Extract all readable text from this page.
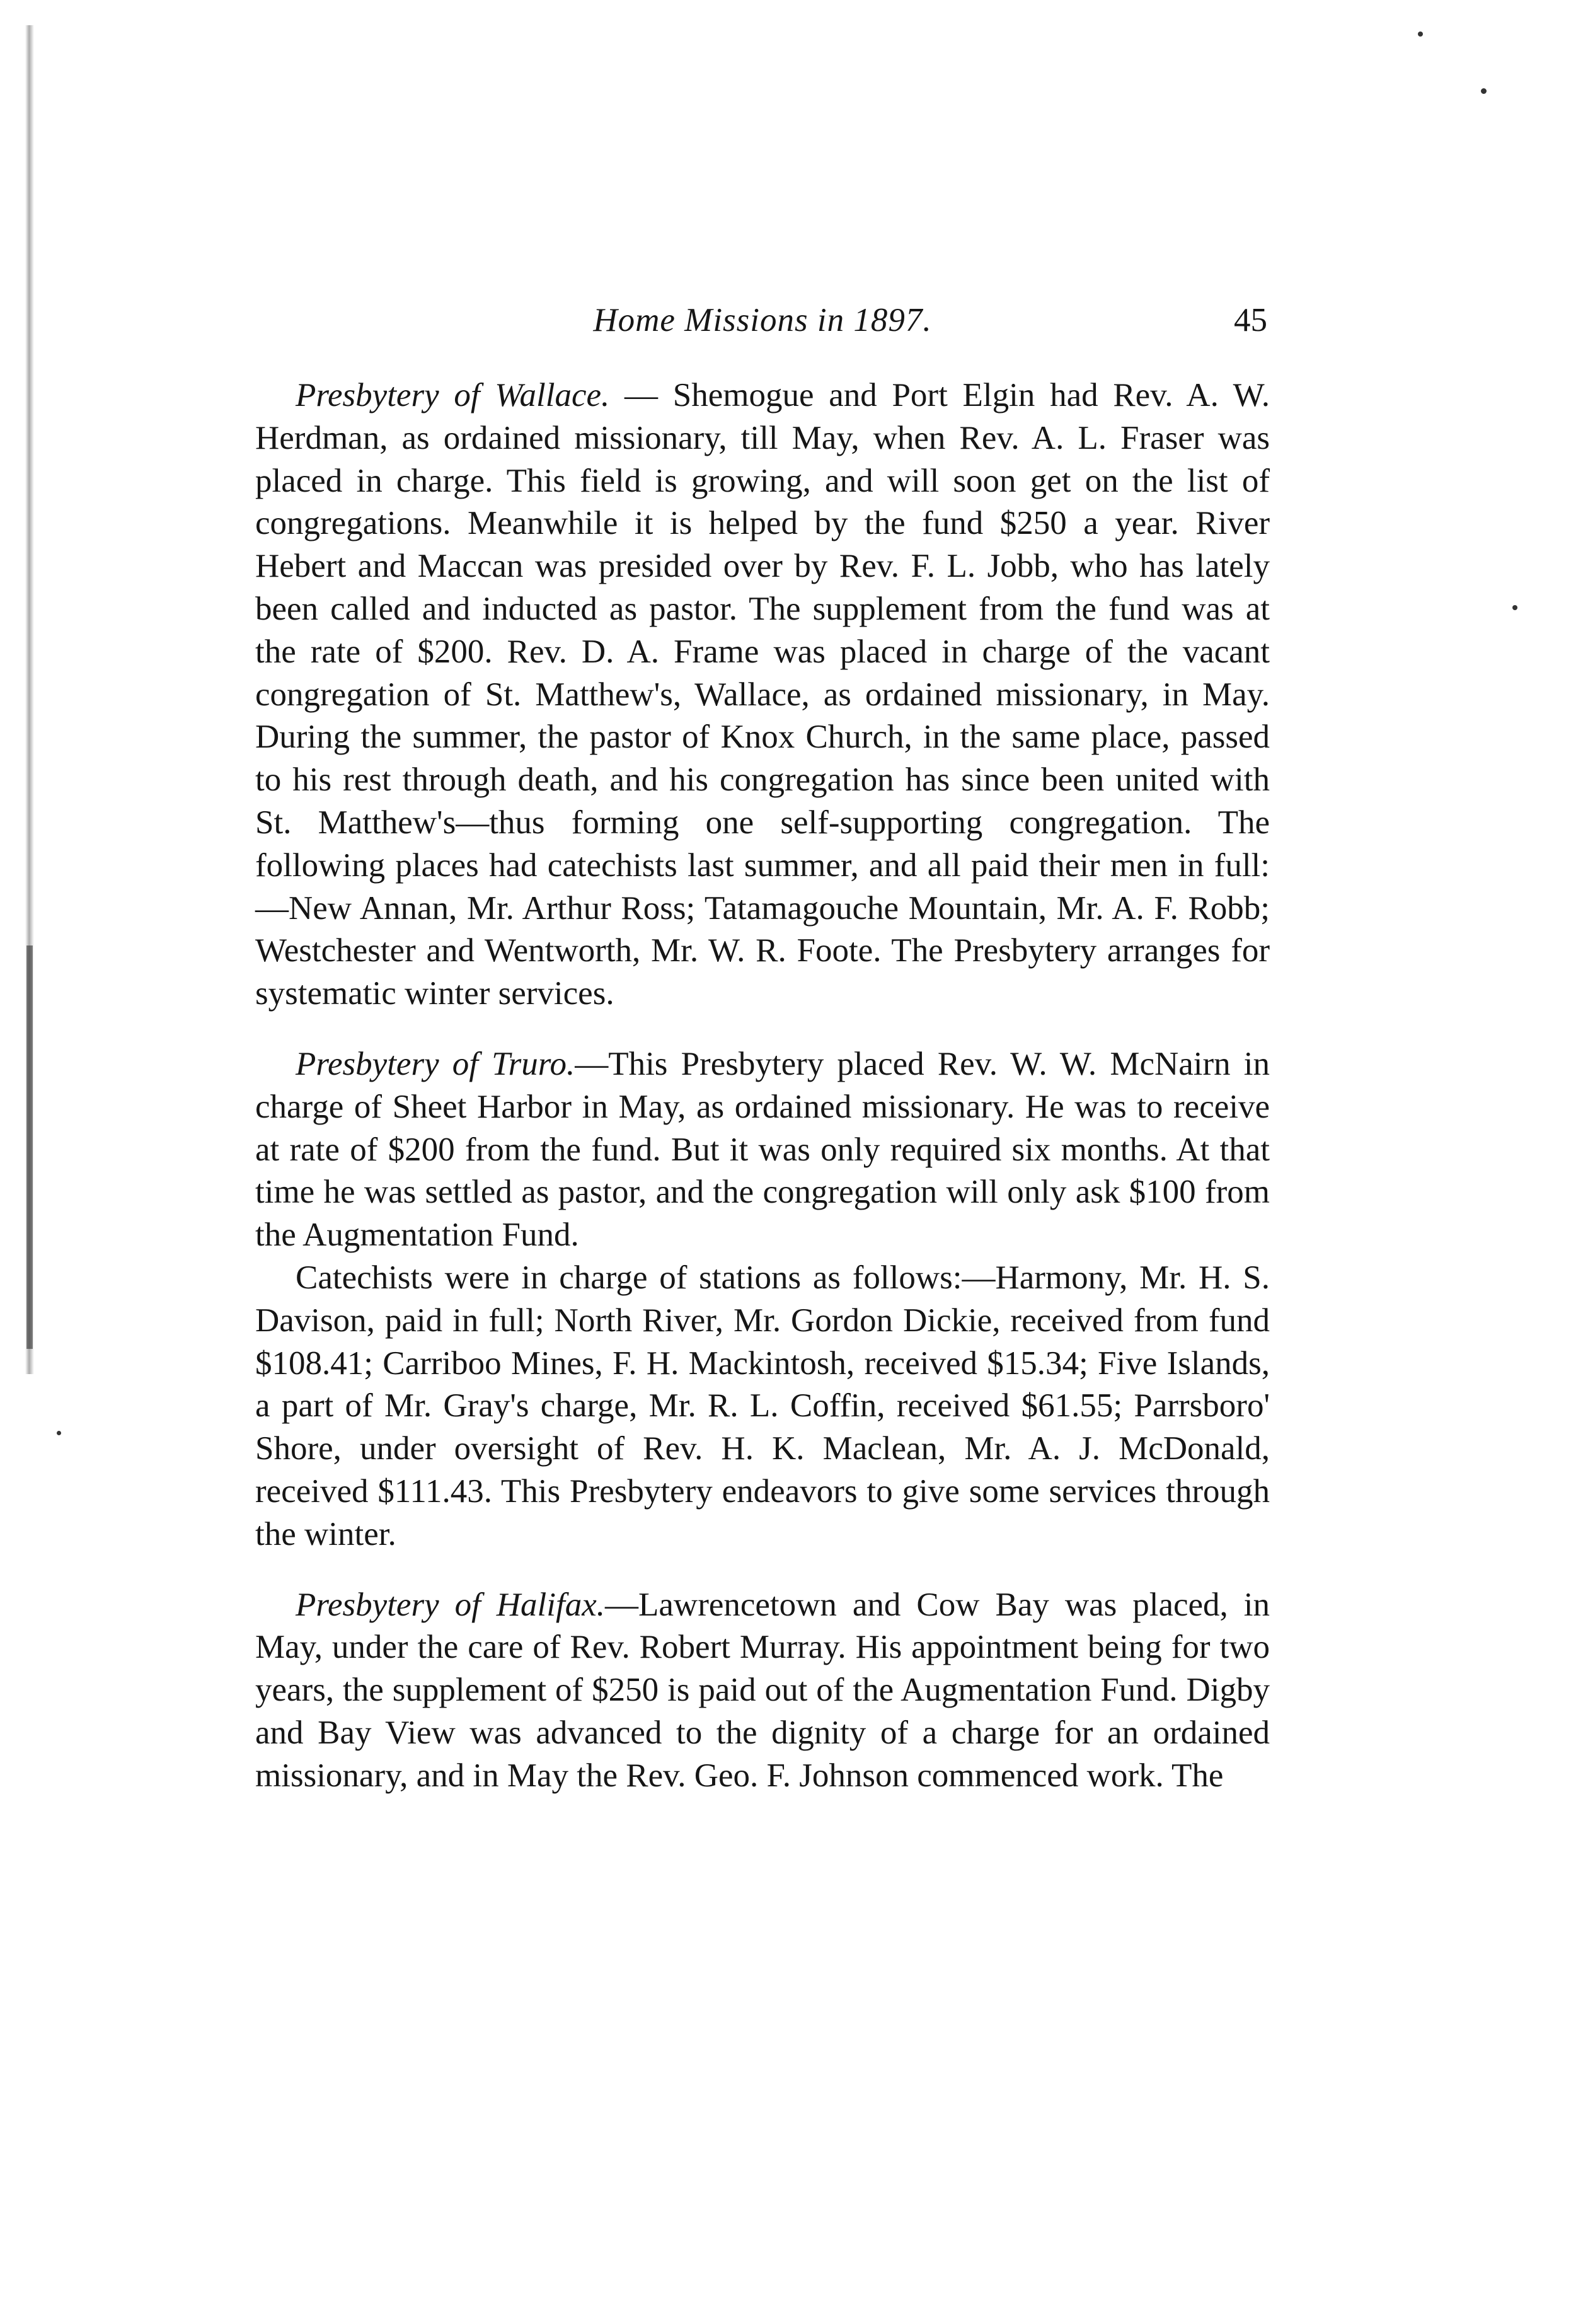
Home Missions in 1897.	45

Presbytery of Wallace. — Shemogue and Port Elgin had Rev. A. W. Herdman, as ordained missionary, till May, when Rev. A. L. Fraser was placed in charge. This field is growing, and will soon get on the list of congregations. Meanwhile it is helped by the fund $250 a year. River Hebert and Maccan was presided over by Rev. F. L. Jobb, who has lately been called and inducted as pastor. The supplement from the fund was at the rate of $200. Rev. D. A. Frame was placed in charge of the vacant congregation of St. Matthew's, Wallace, as ordained missionary, in May. During the summer, the pastor of Knox Church, in the same place, passed to his rest through death, and his congregation has since been united with St. Matthew's—thus forming one self-supporting congregation. The following places had catechists last summer, and all paid their men in full:—New Annan, Mr. Arthur Ross; Tatamagouche Mountain, Mr. A. F. Robb; Westchester and Wentworth, Mr. W. R. Foote. The Presbytery arranges for systematic winter services.

Presbytery of Truro.—This Presbytery placed Rev. W. W. McNairn in charge of Sheet Harbor in May, as ordained missionary. He was to receive at rate of $200 from the fund. But it was only required six months. At that time he was settled as pastor, and the congregation will only ask $100 from the Augmentation Fund.

Catechists were in charge of stations as follows:—Harmony, Mr. H. S. Davison, paid in full; North River, Mr. Gordon Dickie, received from fund $108.41; Carriboo Mines, F. H. Mackintosh, received $15.34; Five Islands, a part of Mr. Gray's charge, Mr. R. L. Coffin, received $61.55; Parrsboro' Shore, under oversight of Rev. H. K. Maclean, Mr. A. J. McDonald, received $111.43. This Presbytery endeavors to give some services through the winter.

Presbytery of Halifax.—Lawrencetown and Cow Bay was placed, in May, under the care of Rev. Robert Murray. His appointment being for two years, the supplement of $250 is paid out of the Augmentation Fund. Digby and Bay View was advanced to the dignity of a charge for an ordained missionary, and in May the Rev. Geo. F. Johnson commenced work. The
